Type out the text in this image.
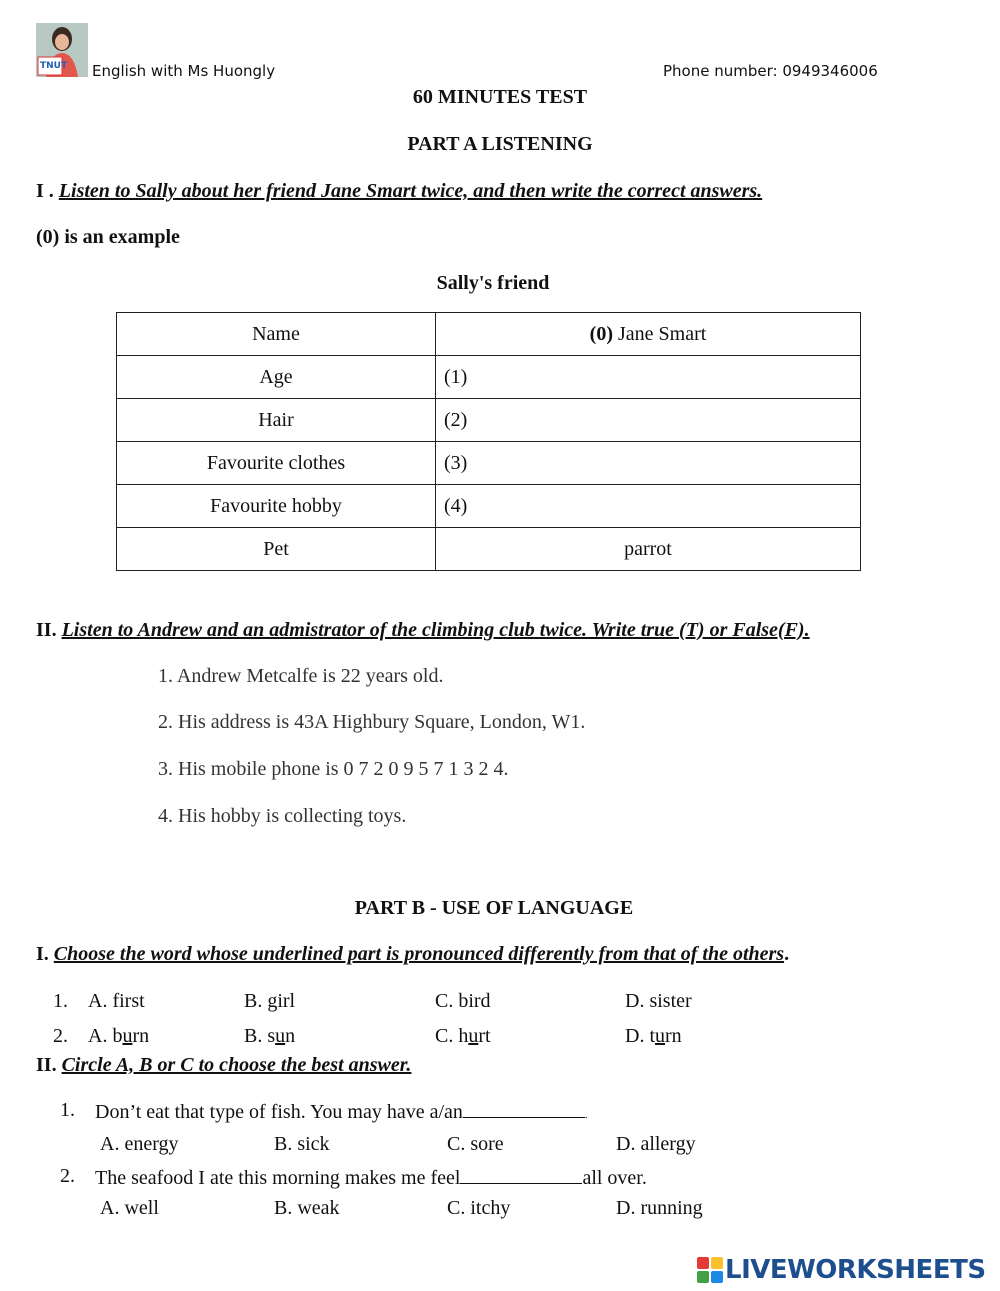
TNUT English with Ms Huongly	Phone number: 0949346006
60 MINUTES TEST
PART A LISTENING
I . Listen to Sally about her friend Jane Smart twice, and then write the correct answers.
(0) is an example
Sally's friend
Name	(0) Jane Smart
Age	(1)
Hair	(2)
Favourite clothes	(3)
Favourite hobby	(4)
Pet	parrot
II. Listen to Andrew and an admistrator of the climbing club twice. Write true (T) or False(F).
1. Andrew Metcalfe is 22 years old.
2. His address is 43A Highbury Square, London, W1.
3. His mobile phone is 0 7 2 0 9 5 7 1 3 2 4.
4. His hobby is collecting toys.
PART B - USE OF LANGUAGE
I. Choose the word whose underlined part is pronounced differently from that of the others.
1. A. first	B. girl	C. bird	D. sister
2. A. burn	B. sun	C. hurt	D. turn
II. Circle A, B or C to choose the best answer.
1. Don’t eat that type of fish. You may have a/an	.
A. energy	B. sick	C. sore	D. allergy
2. The seafood I ate this morning makes me feel	all over.
A. well	B. weak	C. itchy	D. running
LIVEWORKSHEETS
